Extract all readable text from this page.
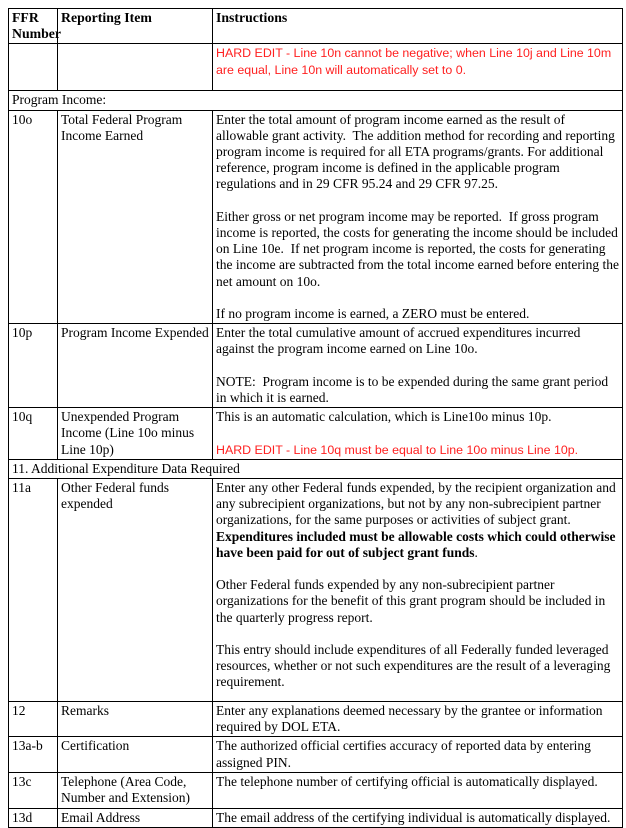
FFR Number	Reporting Item	Instructions

		HARD EDIT - Line 10n cannot be negative; when Line 10j and Line 10m are equal, Line 10n will automatically set to 0.

Program Income:		
10o	Total Federal Program Income Earned	Enter the total amount of program income earned as the result of allowable grant activity.  The addition method for recording and reporting program income is required for all ETA programs/grants. For additional reference, program income is defined in the applicable program regulations and in 29 CFR 95.24 and 29 CFR 97.25.
Either gross or net program income may be reported.  If gross program income is reported, the costs for generating the income should be included on Line 10e.  If net program income is reported, the costs for generating the income are subtracted from the total income earned before entering the net amount on 10o.
If no program income is earned, a ZERO must be entered.

10p	Program Income Expended	Enter the total cumulative amount of accrued expenditures incurred against the program income earned on Line 10o.
NOTE:  Program income is to be expended during the same grant period in which it is earned.

10q	Unexpended Program Income (Line 10o minus Line 10p)	This is an automatic calculation, which is Line10o minus 10p.
HARD EDIT - Line 10q must be equal to Line 10o minus Line 10p.

11. Additional Expenditure Data Required		
11a	Other Federal funds expended	Enter any other Federal funds expended, by the recipient organization and any subrecipient organizations, but not by any non-subrecipient partner organizations, for the same purposes or activities of subject grant. Expenditures included must be allowable costs which could otherwise have been paid for out of subject grant funds.
Other Federal funds expended by any non-subrecipient partner organizations for the benefit of this grant program should be included in the quarterly progress report.
This entry should include expenditures of all Federally funded leveraged resources, whether or not such expenditures are the result of a leveraging requirement.

12	Remarks	Enter any explanations deemed necessary by the grantee or information required by DOL ETA.

13a-b	Certification	The authorized official certifies accuracy of reported data by entering assigned PIN.

13c	Telephone (Area Code, Number and Extension)	The telephone number of certifying official is automatically displayed.

13d	Email Address	The email address of the certifying individual is automatically displayed.
